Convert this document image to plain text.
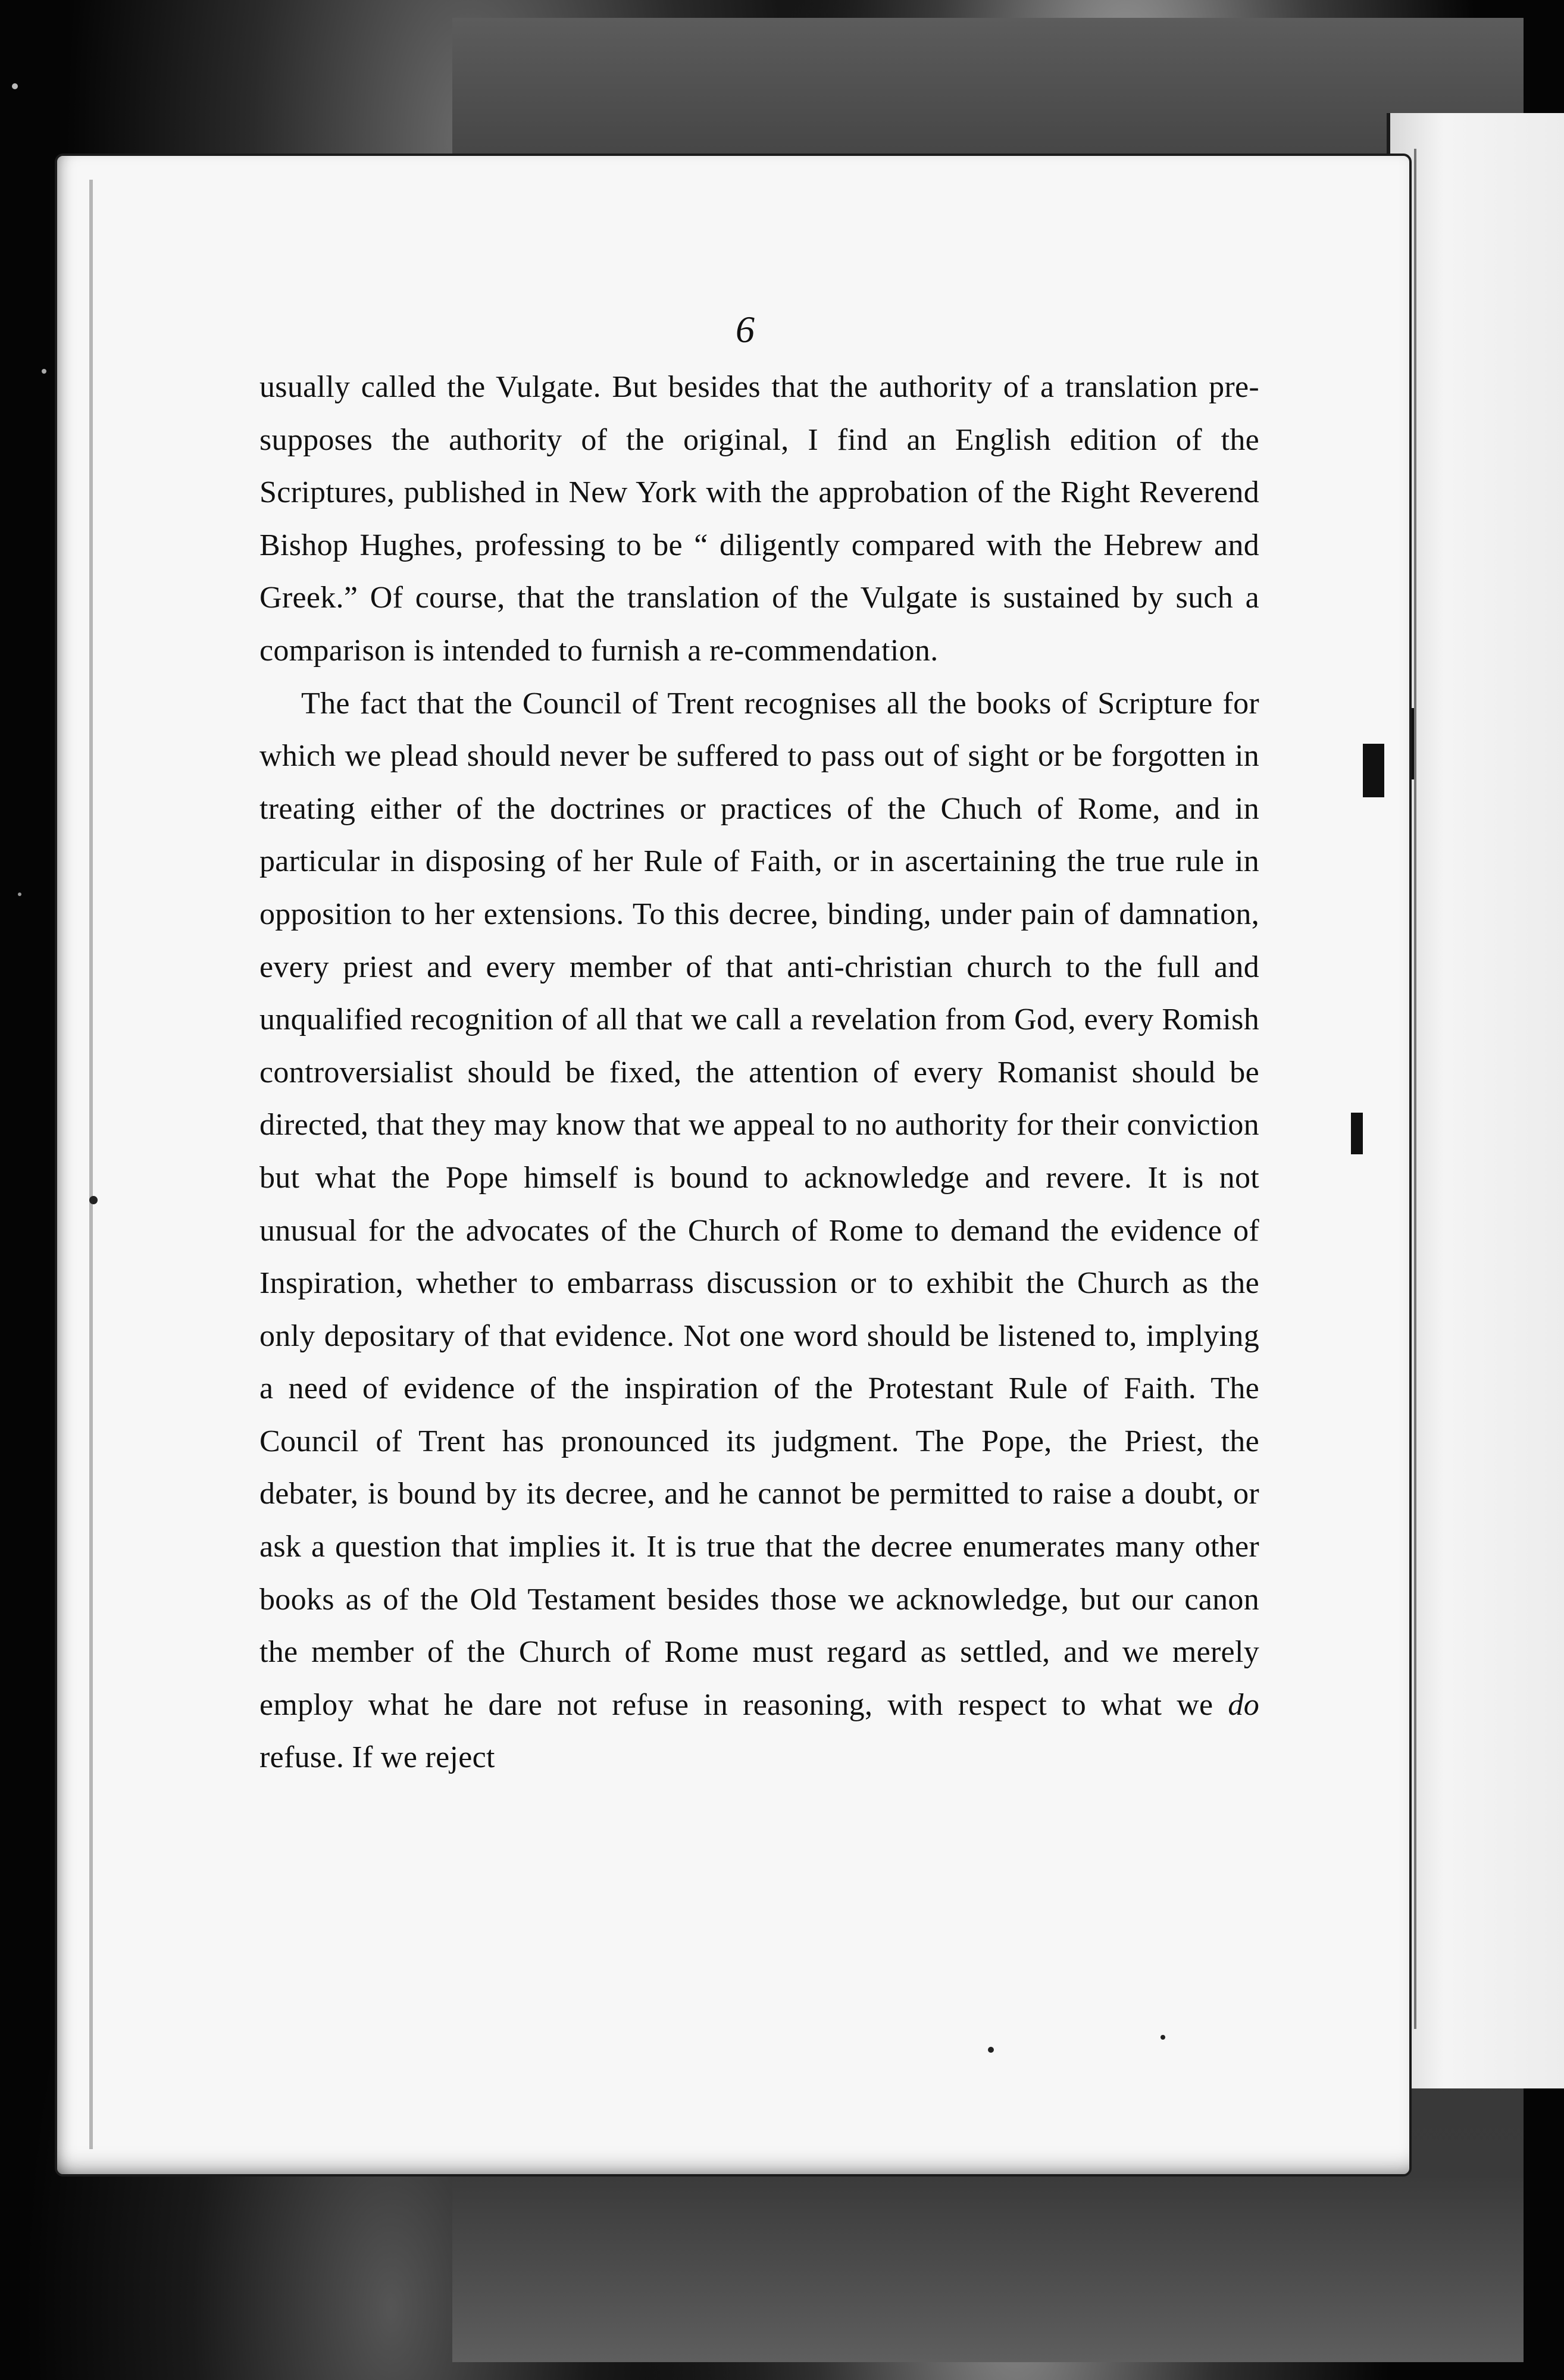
6

usually called the Vulgate. But besides that the authority of a translation pre-supposes the authority of the original, I find an English edition of the Scriptures, published in New York with the approbation of the Right Reverend Bishop Hughes, professing to be “ diligently compared with the Hebrew and Greek.” Of course, that the translation of the Vulgate is sustained by such a comparison is intended to furnish a re-commendation.

The fact that the Council of Trent recognises all the books of Scripture for which we plead should never be suffered to pass out of sight or be forgotten in treating either of the doctrines or practices of the Chuch of Rome, and in particular in disposing of her Rule of Faith, or in ascertaining the true rule in opposition to her extensions. To this decree, binding, under pain of damnation, every priest and every member of that anti-christian church to the full and unqualified recognition of all that we call a revelation from God, every Romish controversialist should be fixed, the attention of every Romanist should be directed, that they may know that we appeal to no authority for their conviction but what the Pope himself is bound to acknowledge and revere. It is not unusual for the advocates of the Church of Rome to demand the evidence of Inspiration, whether to embarrass discussion or to exhibit the Church as the only depositary of that evidence. Not one word should be listened to, implying a need of evidence of the inspiration of the Protestant Rule of Faith. The Council of Trent has pronounced its judgment. The Pope, the Priest, the debater, is bound by its decree, and he cannot be permitted to raise a doubt, or ask a question that implies it. It is true that the decree enumerates many other books as of the Old Testament besides those we acknowledge, but our canon the member of the Church of Rome must regard as settled, and we merely employ what he dare not refuse in reasoning, with respect to what we do refuse. If we reject
